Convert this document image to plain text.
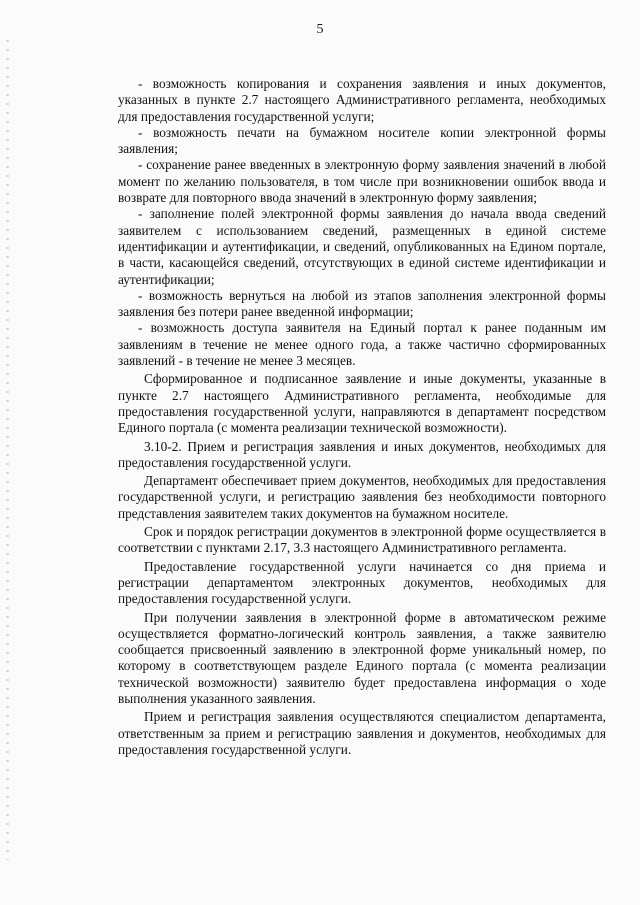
5

- возможность копирования и сохранения заявления и иных документов, указанных в пункте 2.7 настоящего Административного регламента, необходимых для предоставления государственной услуги;

- возможность печати на бумажном носителе копии электронной формы заявления;

- сохранение ранее введенных в электронную форму заявления значений в любой момент по желанию пользователя, в том числе при возникновении ошибок ввода и возврате для повторного ввода значений в электронную форму заявления;

- заполнение полей электронной формы заявления до начала ввода сведений заявителем с использованием сведений, размещенных в единой системе идентификации и аутентификации, и сведений, опубликованных на Едином портале, в части, касающейся сведений, отсутствующих в единой системе идентификации и аутентификации;

- возможность вернуться на любой из этапов заполнения электронной формы заявления без потери ранее введенной информации;

- возможность доступа заявителя на Единый портал к ранее поданным им заявлениям в течение не менее одного года, а также частично сформированных заявлений - в течение не менее 3 месяцев.

Сформированное и подписанное заявление и иные документы, указанные в пункте 2.7 настоящего Административного регламента, необходимые для предоставления государственной услуги, направляются в департамент посредством Единого портала (с момента реализации технической возможности).

3.10-2. Прием и регистрация заявления и иных документов, необходимых для предоставления государственной услуги.

Департамент обеспечивает прием документов, необходимых для предоставления государственной услуги, и регистрацию заявления без необходимости повторного представления заявителем таких документов на бумажном носителе.

Срок и порядок регистрации документов в электронной форме осуществляется в соответствии с пунктами 2.17, 3.3 настоящего Административного регламента.

Предоставление государственной услуги начинается со дня приема и регистрации департаментом электронных документов, необходимых для предоставления государственной услуги.

При получении заявления в электронной форме в автоматическом режиме осуществляется форматно-логический контроль заявления, а также заявителю сообщается присвоенный заявлению в электронной форме уникальный номер, по которому в соответствующем разделе Единого портала (с момента реализации технической возможности) заявителю будет предоставлена информация о ходе выполнения указанного заявления.

Прием и регистрация заявления осуществляются специалистом департамента, ответственным за прием и регистрацию заявления и документов, необходимых для предоставления государственной услуги.
